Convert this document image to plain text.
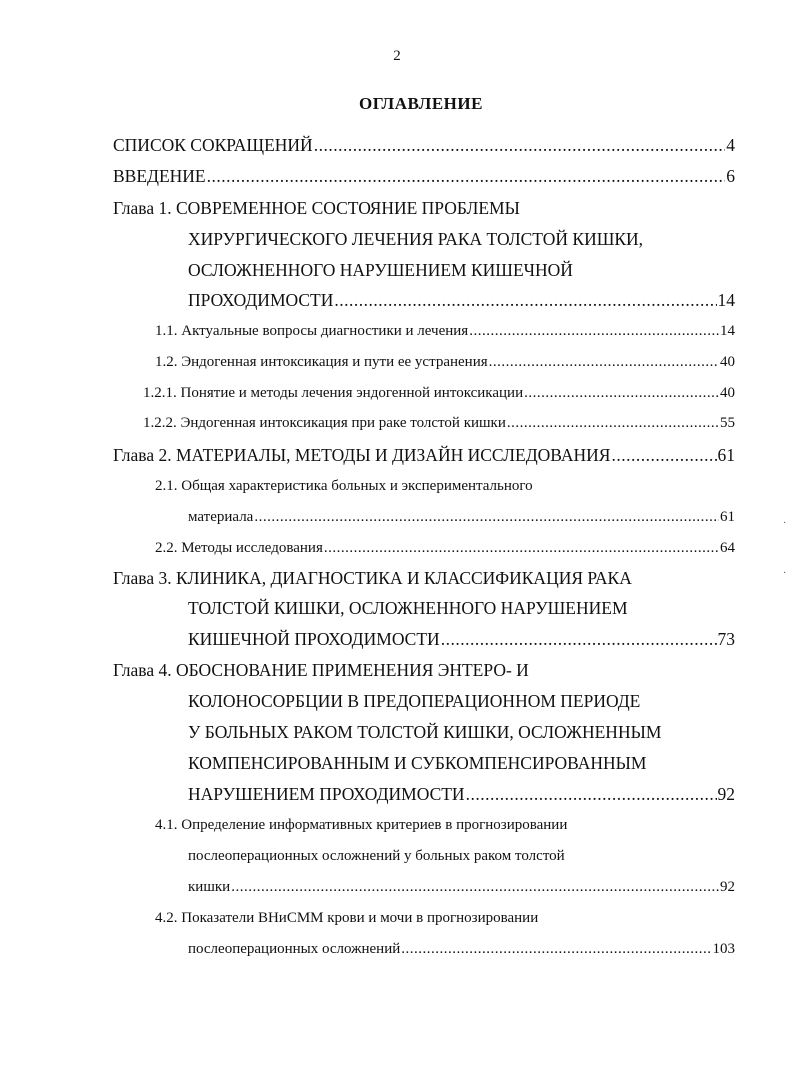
2
ОГЛАВЛЕНИЕ
СПИСОК СОКРАЩЕНИЙ .....	4
ВВЕДЕНИЕ .....	6
Глава 1. СОВРЕМЕННОЕ СОСТОЯНИЕ ПРОБЛЕМЫ
ХИРУРГИЧЕСКОГО ЛЕЧЕНИЯ РАКА ТОЛСТОЙ КИШКИ,
ОСЛОЖНЕННОГО НАРУШЕНИЕМ КИШЕЧНОЙ
ПРОХОДИМОСТИ .....	14
1.1. Актуальные вопросы диагностики и лечения .....	14
1.2. Эндогенная интоксикация и пути ее устранения .....	40
1.2.1. Понятие и методы лечения эндогенной интоксикации .....	40
1.2.2. Эндогенная интоксикация при раке толстой кишки .....	55
Глава 2. МАТЕРИАЛЫ, МЕТОДЫ И ДИЗАЙН ИССЛЕДОВАНИЯ .....	61
2.1. Общая характеристика больных и экспериментального
материала .....	61
2.2. Методы исследования .....	64
Глава 3. КЛИНИКА, ДИАГНОСТИКА И КЛАССИФИКАЦИЯ РАКА
ТОЛСТОЙ КИШКИ, ОСЛОЖНЕННОГО НАРУШЕНИЕМ
КИШЕЧНОЙ ПРОХОДИМОСТИ .....	73
Глава 4. ОБОСНОВАНИЕ ПРИМЕНЕНИЯ ЭНТЕРО- И
КОЛОНОСОРБЦИИ В ПРЕДОПЕРАЦИОННОМ ПЕРИОДЕ
У БОЛЬНЫХ РАКОМ ТОЛСТОЙ КИШКИ, ОСЛОЖНЕННЫМ
КОМПЕНСИРОВАННЫМ И СУБКОМПЕНСИРОВАННЫМ
НАРУШЕНИЕМ ПРОХОДИМОСТИ .....	92
4.1. Определение информативных критериев в прогнозировании
послеоперационных осложнений у больных раком толстой
кишки .....	92
4.2. Показатели ВНиСММ крови и мочи в прогнозировании
послеоперационных осложнений .....	103
·
·
